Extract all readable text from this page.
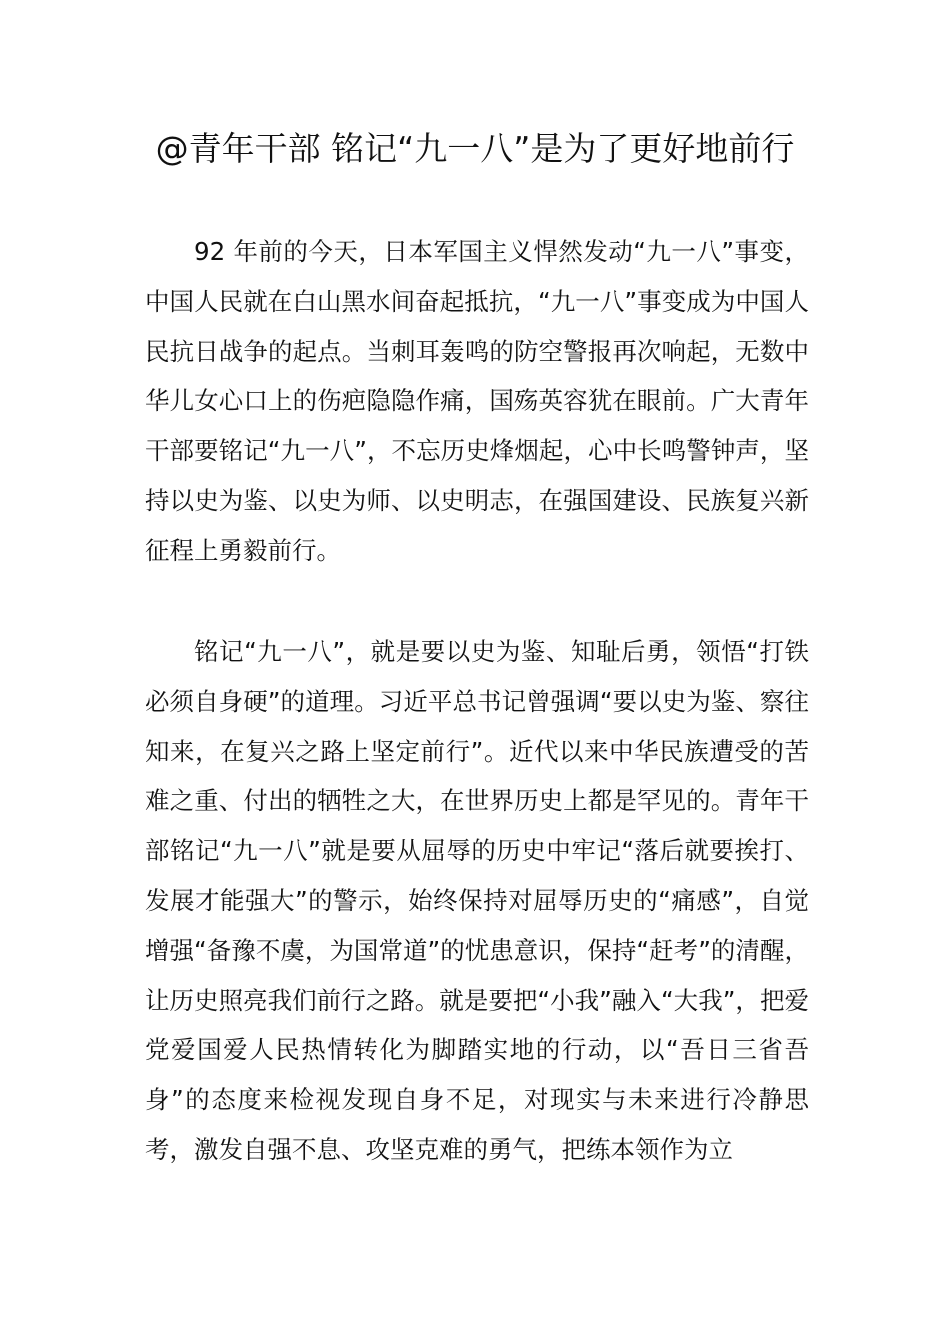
@青年干部 铭记“九一八”是为了更好地前行

92 年前的今天，日本军国主义悍然发动“九一八”事变，中国人民就在白山黑水间奋起抵抗，“九一八”事变成为中国人民抗日战争的起点。当刺耳轰鸣的防空警报再次响起，无数中华儿女心口上的伤疤隐隐作痛，国殇英容犹在眼前。广大青年干部要铭记“九一八”，不忘历史烽烟起，心中长鸣警钟声，坚持以史为鉴、以史为师、以史明志，在强国建设、民族复兴新征程上勇毅前行。

铭记“九一八”，就是要以史为鉴、知耻后勇，领悟“打铁必须自身硬”的道理。习近平总书记曾强调“要以史为鉴、察往知来，在复兴之路上坚定前行”。近代以来中华民族遭受的苦难之重、付出的牺牲之大，在世界历史上都是罕见的。青年干部铭记“九一八”就是要从屈辱的历史中牢记“落后就要挨打、发展才能强大”的警示，始终保持对屈辱历史的“痛感”，自觉增强“备豫不虞，为国常道”的忧患意识，保持“赶考”的清醒，让历史照亮我们前行之路。就是要把“小我”融入“大我”，把爱党爱国爱人民热情转化为脚踏实地的行动，以“吾日三省吾身”的态度来检视发现自身不足，对现实与未来进行冷静思考，激发自强不息、攻坚克难的勇气，把练本领作为立
